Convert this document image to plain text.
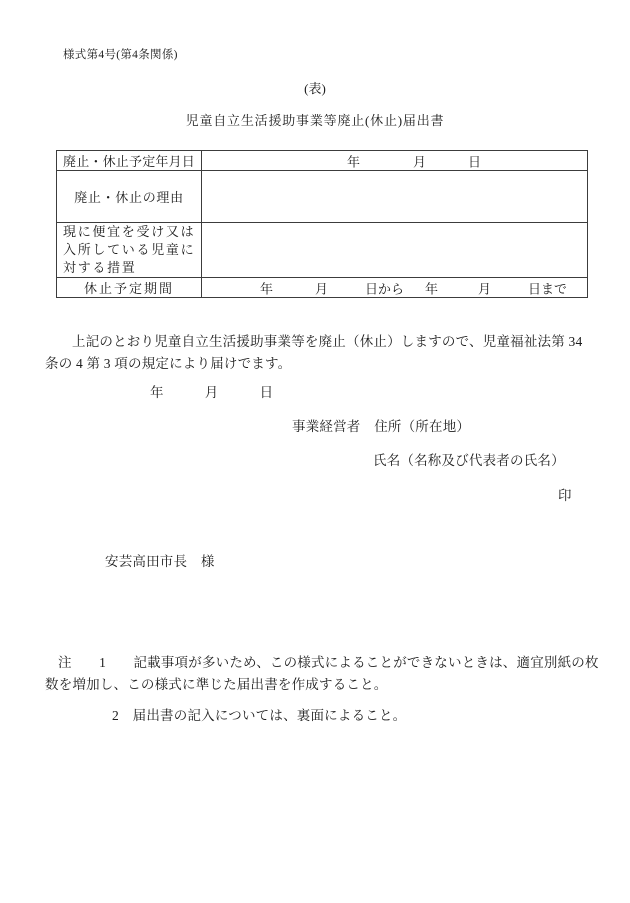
様式第4号(第4条関係)
(表)
児童自立生活援助事業等廃止(休止)届出書
廃止・休止予定年月日	年 月 日

廃止・休止の理由	

現に便宜を受け又は
入所している児童に
対する措置	

休止予定期間	年	月	日から 年	月	日まで
上記のとおり児童自立生活援助事業等を廃止（休止）しますので、児童福祉法第 34
条の 4 第 3 項の規定により届けでます。
年　　　月　　　日
事業経営者　住所（所在地）
氏名（名称及び代表者の氏名）
印
安芸高田市長　様
注　　1　　記載事項が多いため、この様式によることができないときは、適宜別紙の枚
数を増加し、この様式に準じた届出書を作成すること。
2　届出書の記入については、裏面によること。
